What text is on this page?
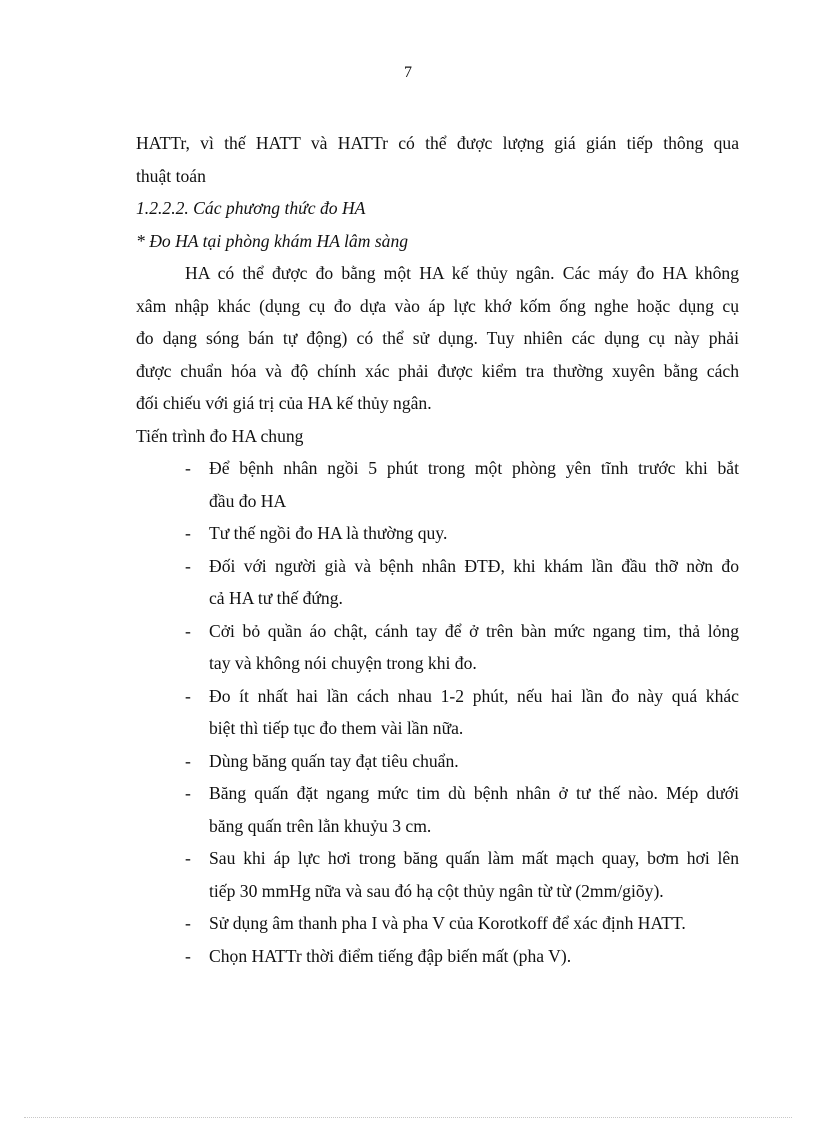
7
HATTr, vì thế HATT và HATTr có thể được lượng giá gián tiếp thông qua
thuật toán
1.2.2.2. Các phương thức đo HA
* Đo HA tại phòng khám HA lâm sàng
HA có thể được đo bằng một HA kế thủy ngân. Các máy đo HA không
xâm nhập khác (dụng cụ đo dựa vào áp lực khớ kốm ống nghe hoặc dụng cụ
đo dạng sóng bán tự động) có thể sử dụng. Tuy nhiên các dụng cụ này phải
được chuẩn hóa và độ chính xác phải được kiểm tra thường xuyên bằng cách
đối chiếu với giá trị của HA kế thủy ngân.
Tiến trình đo HA chung
- Để bệnh nhân ngồi 5 phút trong một phòng yên tĩnh trước khi bắt
đầu đo HA
- Tư thế ngồi đo HA là thường quy.
- Đối với người già và bệnh nhân ĐTĐ, khi khám lần đầu thỡ nờn đo
cả HA tư thế đứng.
- Cởi bỏ quần áo chật, cánh tay để ở trên bàn mức ngang tim, thả lỏng
tay và không nói chuyện trong khi đo.
- Đo ít nhất hai lần cách nhau 1-2 phút, nếu hai lần đo này quá khác
biệt thì tiếp tục đo them vài lần nữa.
- Dùng băng quấn tay đạt tiêu chuẩn.
- Băng quấn đặt ngang mức tim dù bệnh nhân ở tư thế nào. Mép dưới
băng quấn trên lằn khuỷu 3 cm.
- Sau khi áp lực hơi trong băng quấn làm mất mạch quay, bơm hơi lên
tiếp 30 mmHg nữa và sau đó hạ cột thủy ngân từ từ (2mm/giõy).
- Sử dụng âm thanh pha I và pha V của Korotkoff để xác định HATT.
- Chọn HATTr thời điểm tiếng đập biến mất (pha V).
